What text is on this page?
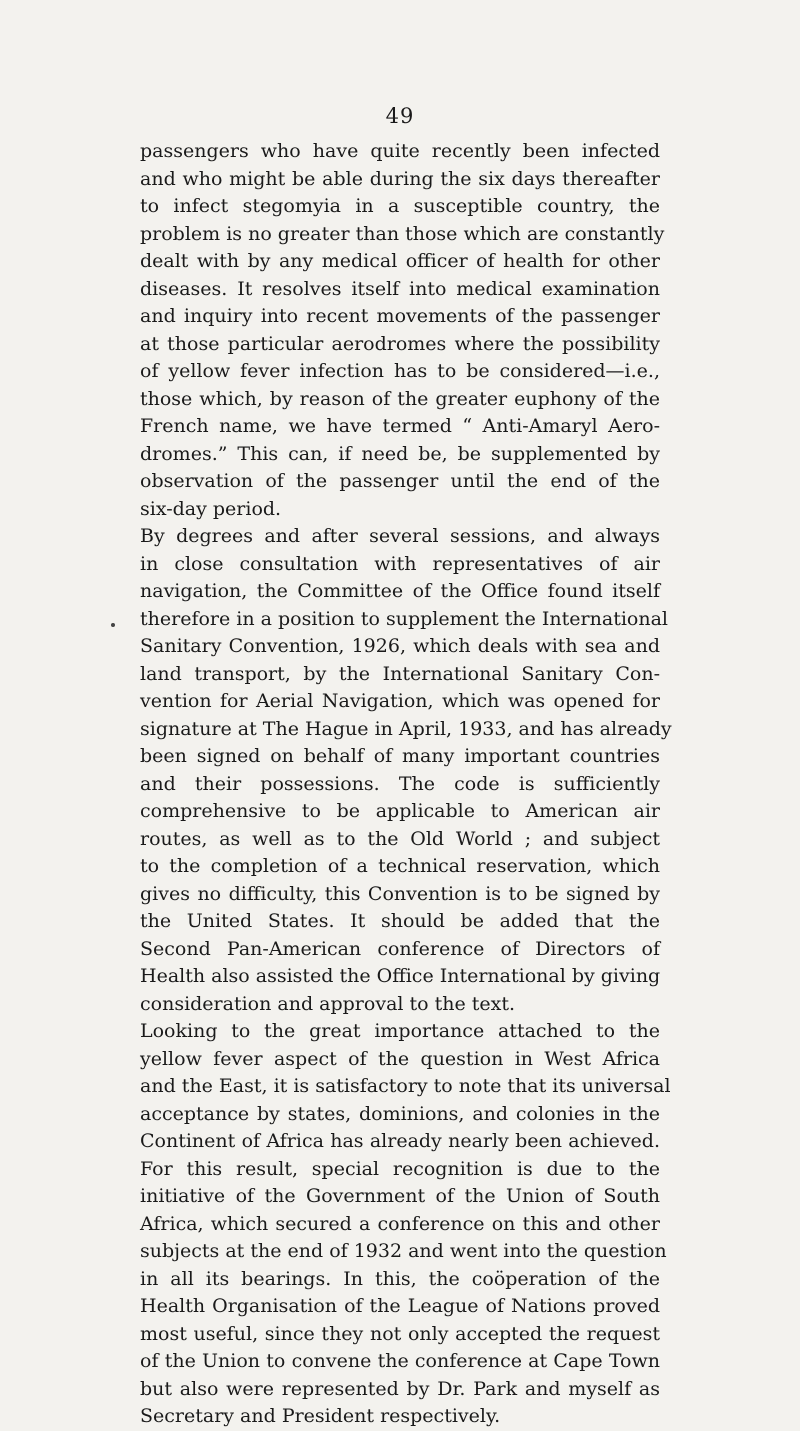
49
passengers who have quite recently been infected
and who might be able during the six days thereafter
to infect stegomyia in a susceptible country, the
problem is no greater than those which are constantly
dealt with by any medical officer of health for other
diseases. It resolves itself into medical examination
and inquiry into recent movements of the passenger
at those particular aerodromes where the possibility
of yellow fever infection has to be considered—i.e.,
those which, by reason of the greater euphony of the
French name, we have termed “ Anti-Amaryl Aero-
dromes.” This can, if need be, be supplemented by
observation of the passenger until the end of the
six-day period.
By degrees and after several sessions, and always
in close consultation with representatives of air
navigation, the Committee of the Office found itself
therefore in a position to supplement the International
Sanitary Convention, 1926, which deals with sea and
land transport, by the International Sanitary Con-
vention for Aerial Navigation, which was opened for
signature at The Hague in April, 1933, and has already
been signed on behalf of many important countries
and their possessions. The code is sufficiently
comprehensive to be applicable to American air
routes, as well as to the Old World ; and subject
to the completion of a technical reservation, which
gives no difficulty, this Convention is to be signed by
the United States. It should be added that the
Second Pan-American conference of Directors of
Health also assisted the Office International by giving
consideration and approval to the text.
Looking to the great importance attached to the
yellow fever aspect of the question in West Africa
and the East, it is satisfactory to note that its universal
acceptance by states, dominions, and colonies in the
Continent of Africa has already nearly been achieved.
For this result, special recognition is due to the
initiative of the Government of the Union of South
Africa, which secured a conference on this and other
subjects at the end of 1932 and went into the question
in all its bearings. In this, the coöperation of the
Health Organisation of the League of Nations proved
most useful, since they not only accepted the request
of the Union to convene the conference at Cape Town
but also were represented by Dr. Park and myself as
Secretary and President respectively.
